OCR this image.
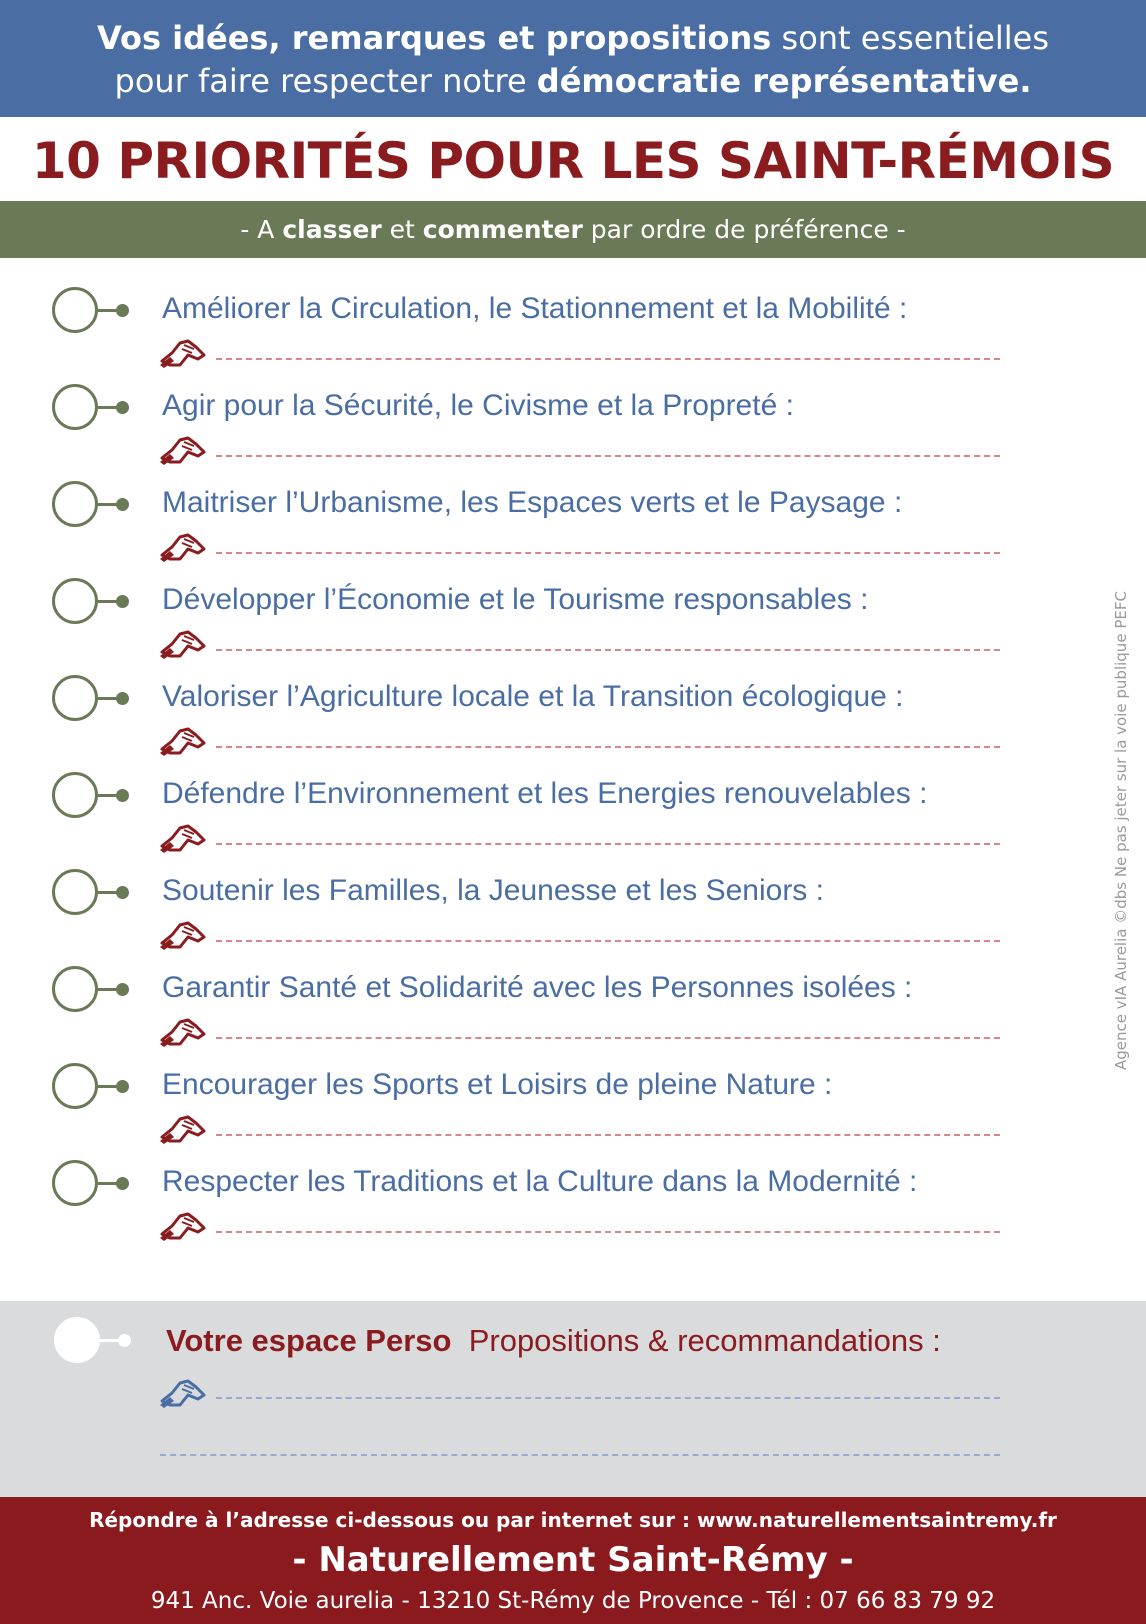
Vos idées, remarques et propositions sont essentielles
pour faire respecter notre démocratie représentative.
10 PRIORITÉS POUR LES SAINT-RÉMOIS
- A classer et commenter par ordre de préférence -
Améliorer la Circulation, le Stationnement et la Mobilité :
Agir pour la Sécurité, le Civisme et la Propreté :
Maitriser l’Urbanisme, les Espaces verts et le Paysage :
Développer l’Économie et le Tourisme responsables :
Valoriser l’Agriculture locale et la Transition écologique :
Défendre l’Environnement et les Energies renouvelables :
Soutenir les Familles, la Jeunesse et les Seniors :
Garantir Santé et Solidarité avec les Personnes isolées :
Encourager les Sports et Loisirs de pleine Nature :
Respecter les Traditions et la Culture dans la Modernité :
Votre espace Perso Propositions & recommandations :
Répondre à l’adresse ci-dessous ou par internet sur : www.naturellementsaintremy.fr
- Naturellement Saint-Rémy -
941 Anc. Voie aurelia - 13210 St-Rémy de Provence - Tél : 07 66 83 79 92
Agence vIA Aurelia ©dbs Ne pas jeter sur la voie publique PEFC
